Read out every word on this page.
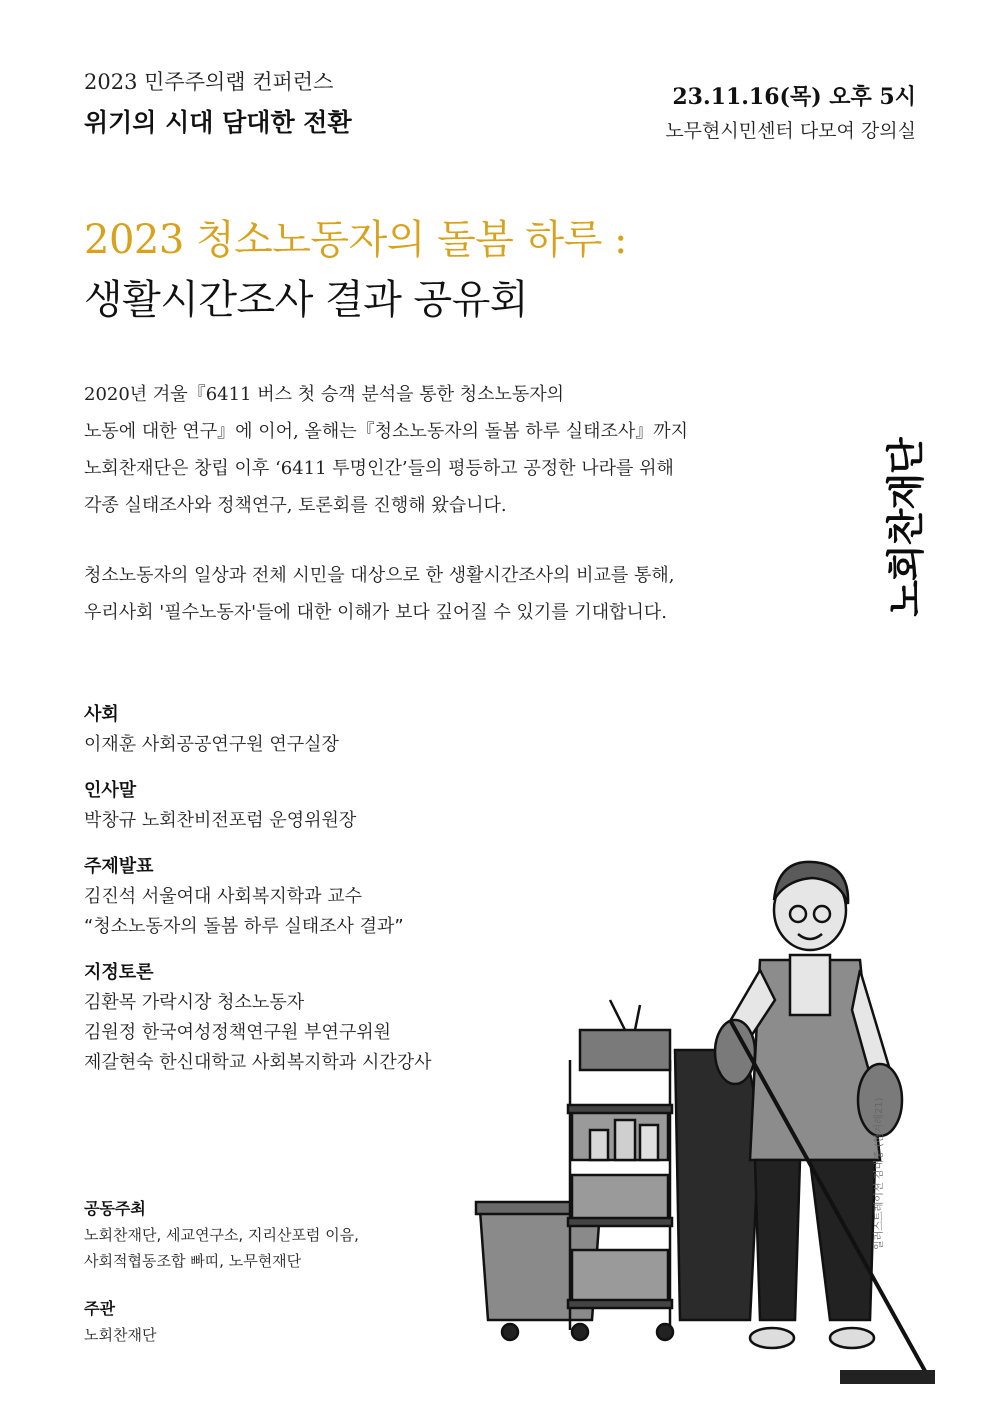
2023 민주주의랩 컨퍼런스
위기의 시대 담대한 전환
23.11.16(목) 오후 5시
노무현시민센터 다모여 강의실
2023 청소노동자의 돌봄 하루 :
생활시간조사 결과 공유회

2020년 겨울『6411 버스 첫 승객 분석을 통한 청소노동자의

노동에 대한 연구』에 이어, 올해는『청소노동자의 돌봄 하루 실태조사』까지

노회찬재단은 창립 이후 ‘6411 투명인간’들의 평등하고 공정한 나라를 위해

각종 실태조사와 정책연구, 토론회를 진행해 왔습니다.

청소노동자의 일상과 전체 시민을 대상으로 한 생활시간조사의 비교를 통해,

우리사회 '필수노동자'들에 대한 이해가 보다 깊어질 수 있기를 기대합니다.	노회찬재단
사회
이재훈 사회공공연구원 연구실장
인사말
박창규 노회찬비전포럼 운영위원장
주제발표
김진석 서울여대 사회복지학과 교수
“청소노동자의 돌봄 하루 실태조사 결과”
지정토론
김환목 가락시장 청소노동자
김원정 한국여성정책연구원 부연구위원
제갈현숙 한신대학교 사회복지학과 시간강사
공동주최
노회찬재단, 세교연구소, 지리산포럼 이음,
사회적협동조합 빠띠, 노무현재단
주관
노회찬재단
일러스트레이션 김대중 (한겨레21)
